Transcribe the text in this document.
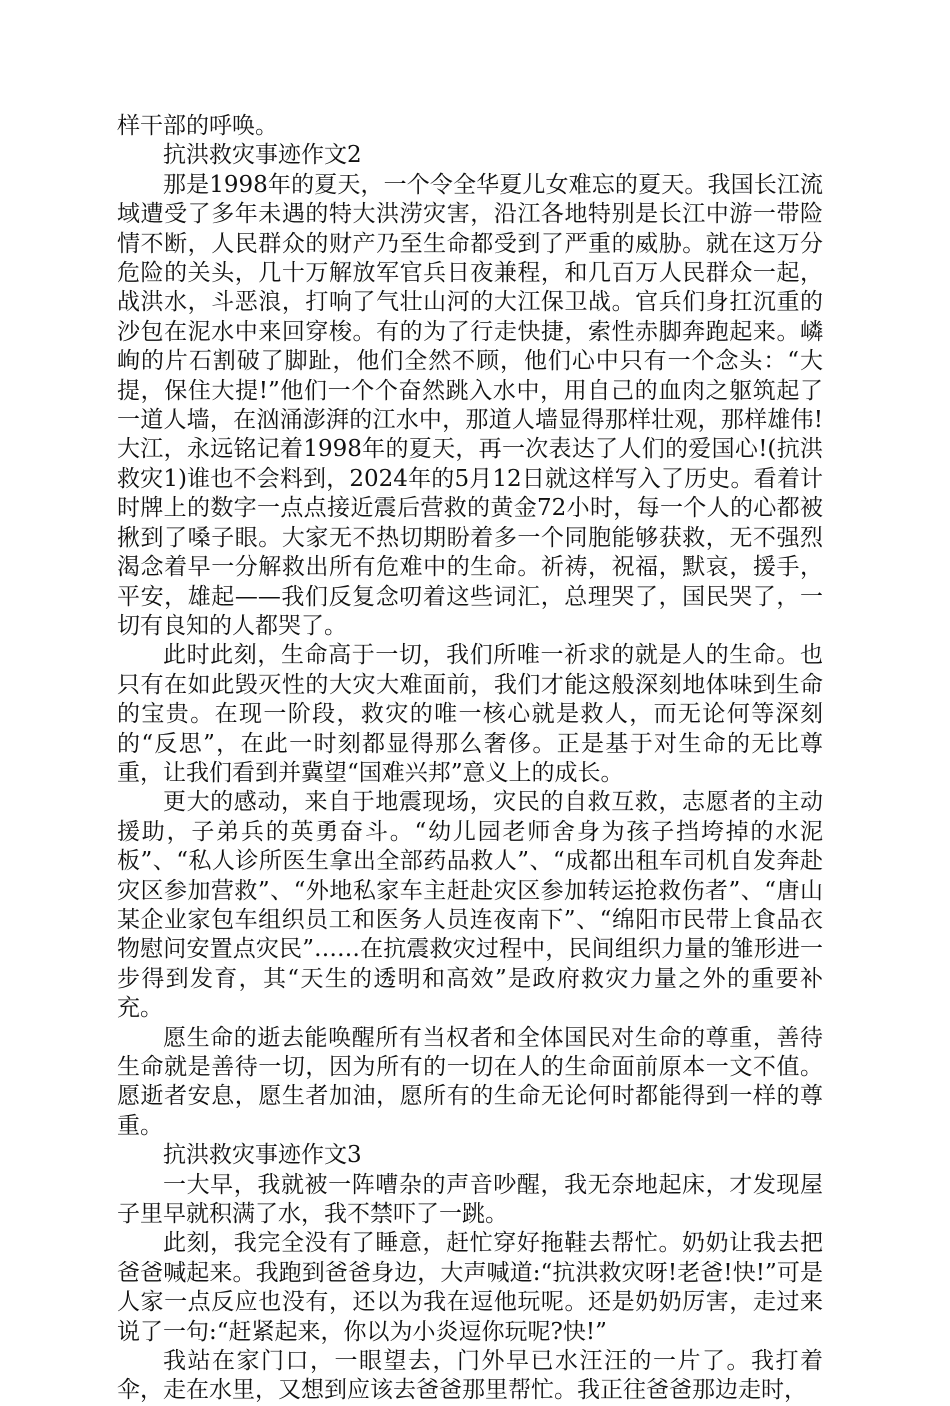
样干部的呼唤。

抗洪救灾事迹作文2

那是1998年的夏天，一个令全华夏儿女难忘的夏天。我国长江流域遭受了多年未遇的特大洪涝灾害，沿江各地特别是长江中游一带险情不断，人民群众的财产乃至生命都受到了严重的威胁。就在这万分危险的关头，几十万解放军官兵日夜兼程，和几百万人民群众一起，战洪水，斗恶浪，打响了气壮山河的大江保卫战。官兵们身扛沉重的沙包在泥水中来回穿梭。有的为了行走快捷，索性赤脚奔跑起来。嶙峋的片石割破了脚趾，他们全然不顾，他们心中只有一个念头：“大提，保住大提!”他们一个个奋然跳入水中，用自己的血肉之躯筑起了一道人墙，在汹涌澎湃的江水中，那道人墙显得那样壮观，那样雄伟!大江，永远铭记着1998年的夏天，再一次表达了人们的爱国心!(抗洪救灾1)谁也不会料到，2024年的5月12日就这样写入了历史。看着计时牌上的数字一点点接近震后营救的黄金72小时，每一个人的心都被揪到了嗓子眼。大家无不热切期盼着多一个同胞能够获救，无不强烈渴念着早一分解救出所有危难中的生命。祈祷，祝福，默哀，援手，平安，雄起——我们反复念叨着这些词汇，总理哭了，国民哭了，一切有良知的人都哭了。

此时此刻，生命高于一切，我们所唯一祈求的就是人的生命。也只有在如此毁灭性的大灾大难面前，我们才能这般深刻地体味到生命的宝贵。在现一阶段，救灾的唯一核心就是救人，而无论何等深刻的“反思”，在此一时刻都显得那么奢侈。正是基于对生命的无比尊重，让我们看到并冀望“国难兴邦”意义上的成长。

更大的感动，来自于地震现场，灾民的自救互救，志愿者的主动援助，子弟兵的英勇奋斗。“幼儿园老师舍身为孩子挡垮掉的水泥板”、“私人诊所医生拿出全部药品救人”、“成都出租车司机自发奔赴灾区参加营救”、“外地私家车主赶赴灾区参加转运抢救伤者”、“唐山某企业家包车组织员工和医务人员连夜南下”、“绵阳市民带上食品衣物慰问安置点灾民”……在抗震救灾过程中，民间组织力量的雏形进一步得到发育，其“天生的透明和高效”是政府救灾力量之外的重要补充。

愿生命的逝去能唤醒所有当权者和全体国民对生命的尊重，善待生命就是善待一切，因为所有的一切在人的生命面前原本一文不值。愿逝者安息，愿生者加油，愿所有的生命无论何时都能得到一样的尊重。

抗洪救灾事迹作文3

一大早，我就被一阵嘈杂的声音吵醒，我无奈地起床，才发现屋子里早就积满了水，我不禁吓了一跳。

此刻，我完全没有了睡意，赶忙穿好拖鞋去帮忙。奶奶让我去把爸爸喊起来。我跑到爸爸身边，大声喊道:“抗洪救灾呀!老爸!快!”可是人家一点反应也没有，还以为我在逗他玩呢。还是奶奶厉害，走过来说了一句:“赶紧起来，你以为小炎逗你玩呢?快!”

我站在家门口，一眼望去，门外早已水汪汪的一片了。我打着伞，走在水里，又想到应该去爸爸那里帮忙。我正往爸爸那边走时，
